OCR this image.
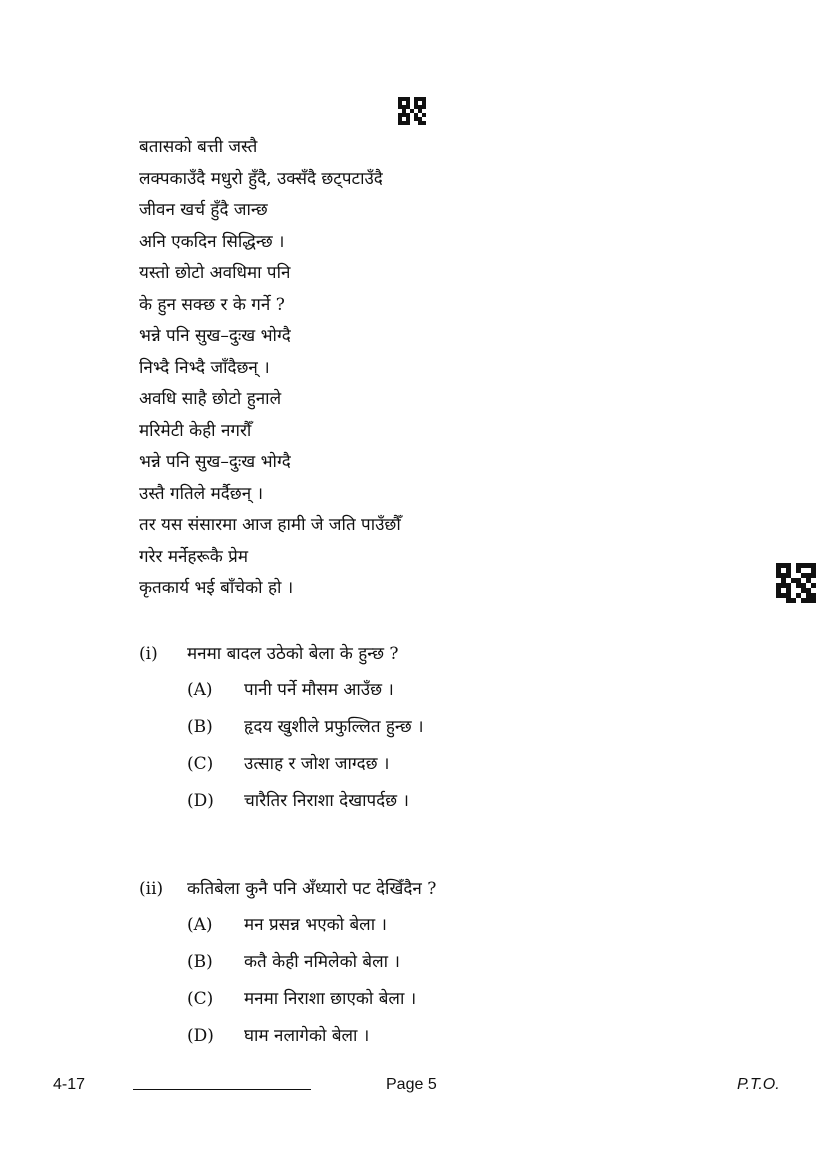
बतासको बत्ती जस्तै
लक्पकाउँदै मधुरो हुँदै, उक्सँदै छट्पटाउँदै
जीवन खर्च हुँदै जान्छ
अनि एकदिन सिद्धिन्छ ।
यस्तो छोटो अवधिमा पनि
के हुन सक्छ र के गर्ने ?
भन्ने पनि सुख–दुःख भोग्दै
निभ्दै निभ्दै जाँदैछन् ।
अवधि साहै छोटो हुनाले
मरिमेटी केही नगरौँ
भन्ने पनि सुख–दुःख भोग्दै
उस्तै गतिले मर्दैछन् ।
तर यस संसारमा आज हामी जे जति पाउँछौँ
गरेर मर्नेहरूकै प्रेम
कृतकार्य भई बाँचेको हो ।
(i)	मनमा बादल उठेको बेला के हुन्छ ?
(A)	पानी पर्ने मौसम आउँछ ।
(B)	हृदय खुशीले प्रफुल्लित हुन्छ ।
(C)	उत्साह र जोश जाग्दछ ।
(D)	चारैतिर निराशा देखापर्दछ ।
(ii)	कतिबेला कुनै पनि अँध्यारो पट देखिँदैन ?
(A)	मन प्रसन्न भएको बेला ।
(B)	कतै केही नमिलेको बेला ।
(C)	मनमा निराशा छाएको बेला ।
(D)	घाम नलागेको बेला ।
4-17	Page 5	P.T.O.
